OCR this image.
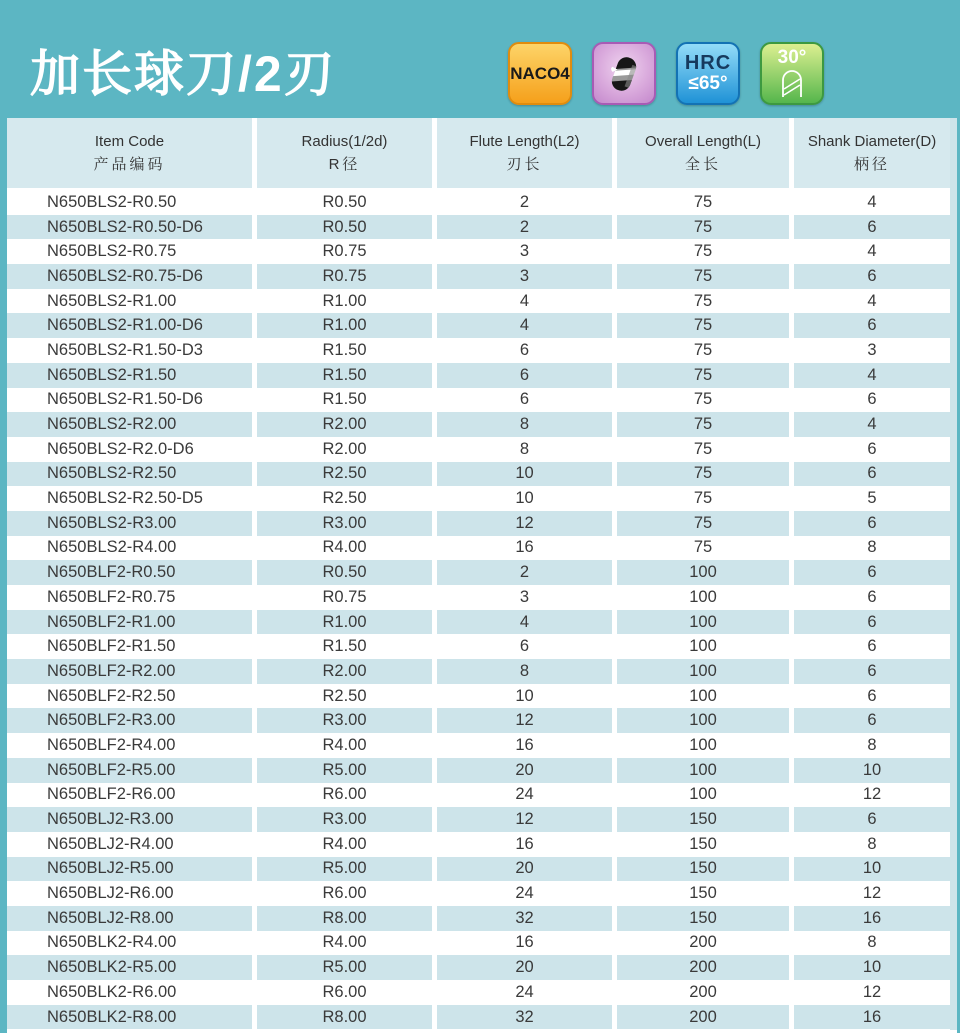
加长球刀/2刃	NACO4	HRC
≤65°
30°
Item Code
产品编码
Radius(1/2d)
R径
Flute Length(L2)
刃长
Overall Length(L)
全长
Shank Diameter(D)
柄径
N650BLS2-R0.50	R0.50	2	75	4
N650BLS2-R0.50-D6	R0.50	2	75	6
N650BLS2-R0.75	R0.75	3	75	4
N650BLS2-R0.75-D6	R0.75	3	75	6
N650BLS2-R1.00	R1.00	4	75	4
N650BLS2-R1.00-D6	R1.00	4	75	6
N650BLS2-R1.50-D3	R1.50	6	75	3
N650BLS2-R1.50	R1.50	6	75	4
N650BLS2-R1.50-D6	R1.50	6	75	6
N650BLS2-R2.00	R2.00	8	75	4
N650BLS2-R2.0-D6	R2.00	8	75	6
N650BLS2-R2.50	R2.50	10	75	6
N650BLS2-R2.50-D5	R2.50	10	75	5
N650BLS2-R3.00	R3.00	12	75	6
N650BLS2-R4.00	R4.00	16	75	8
N650BLF2-R0.50	R0.50	2	100	6
N650BLF2-R0.75	R0.75	3	100	6
N650BLF2-R1.00	R1.00	4	100	6
N650BLF2-R1.50	R1.50	6	100	6
N650BLF2-R2.00	R2.00	8	100	6
N650BLF2-R2.50	R2.50	10	100	6
N650BLF2-R3.00	R3.00	12	100	6
N650BLF2-R4.00	R4.00	16	100	8
N650BLF2-R5.00	R5.00	20	100	10
N650BLF2-R6.00	R6.00	24	100	12
N650BLJ2-R3.00	R3.00	12	150	6
N650BLJ2-R4.00	R4.00	16	150	8
N650BLJ2-R5.00	R5.00	20	150	10
N650BLJ2-R6.00	R6.00	24	150	12
N650BLJ2-R8.00	R8.00	32	150	16
N650BLK2-R4.00	R4.00	16	200	8
N650BLK2-R5.00	R5.00	20	200	10
N650BLK2-R6.00	R6.00	24	200	12
N650BLK2-R8.00	R8.00	32	200	16
